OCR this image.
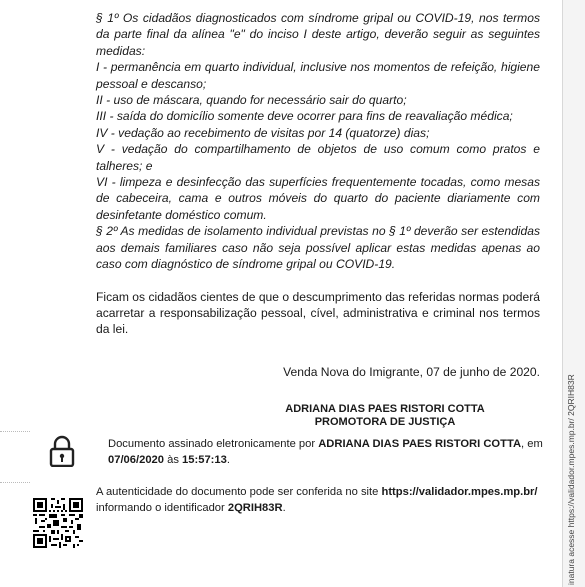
inatura acesse https://validador.mpes.mp.br/ 2QRIH83R

§ 1º Os cidadãos diagnosticados com síndrome gripal ou COVID-19, nos termos da parte final da alínea "e" do inciso I deste artigo, deverão seguir as seguintes medidas:

I - permanência em quarto individual, inclusive nos momentos de refeição, higiene pessoal e descanso;

II - uso de máscara, quando for necessário sair do quarto;

III - saída do domicílio somente deve ocorrer para fins de reavaliação médica;

IV - vedação ao recebimento de visitas por 14 (quatorze) dias;

V - vedação do compartilhamento de objetos de uso comum como pratos e talheres; e

VI - limpeza e desinfecção das superfícies frequentemente tocadas, como mesas de cabeceira, cama e outros móveis do quarto do paciente diariamente com desinfetante doméstico comum.

§ 2º As medidas de isolamento individual previstas no § 1º deverão ser estendidas aos demais familiares caso não seja possível aplicar estas medidas apenas ao caso com diagnóstico de síndrome gripal ou COVID-19.

Ficam os cidadãos cientes de que o descumprimento das referidas normas poderá acarretar a responsabilização pessoal, cível, administrativa e criminal nos termos da lei.

Venda Nova do Imigrante, 07 de junho de 2020.
ADRIANA DIAS PAES RISTORI COTTA
PROMOTORA DE JUSTIÇA
Documento assinado eletronicamente por ADRIANA DIAS PAES RISTORI COTTA, em
07/06/2020 às 15:57:13.
A autenticidade do documento pode ser conferida no site https://validador.mpes.mp.br/
informando o identificador 2QRIH83R.
